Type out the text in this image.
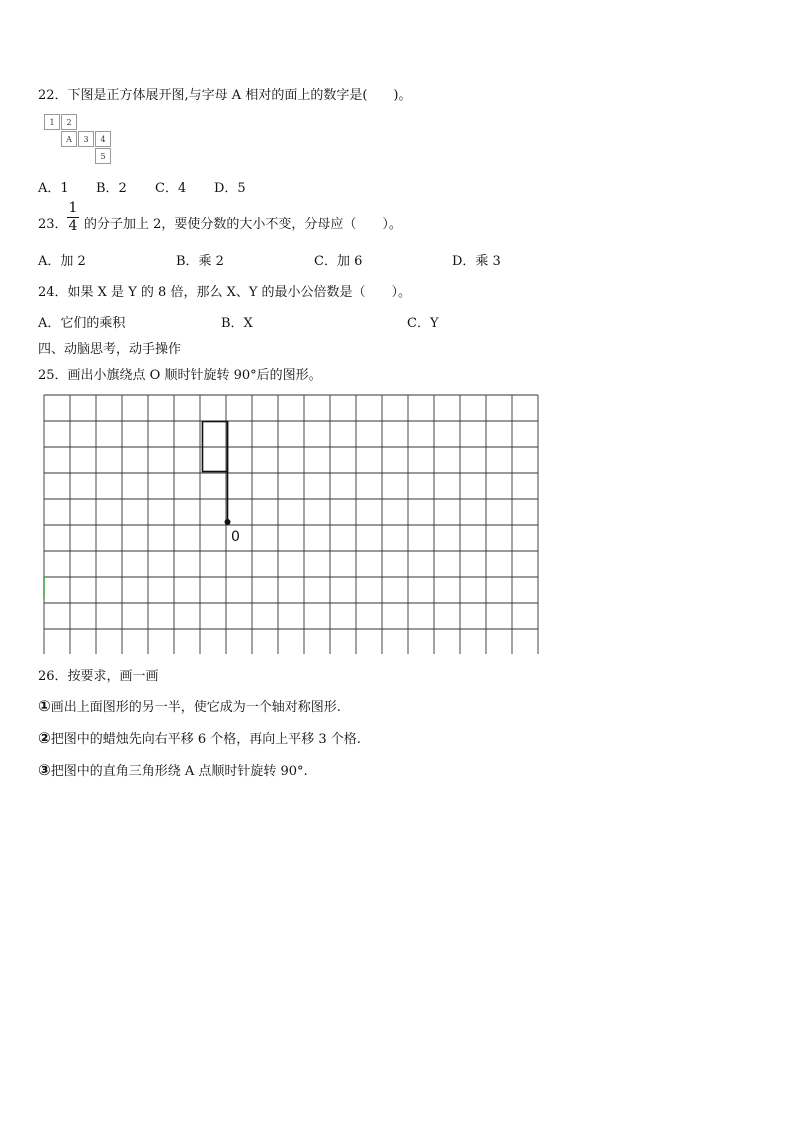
22．下图是正方体展开图,与字母 A 相对的面上的数字是(　　)。
1	2
A	3	4
5
A．1 B．2 C．4 D．5
23．
1
4 的分子加上 2，要使分数的大小不变，分母应（　　）。
A．加 2	B．乘 2	C．加 6	D．乘 3
24．如果 X 是 Y 的 8 倍，那么 X、Y 的最小公倍数是（　　）。
A．它们的乘积	B．X	C．Y
四、动脑思考，动手操作
25．画出小旗绕点 O 顺时针旋转 90°后的图形。
0
26．按要求，画一画
①画出上面图形的另一半，使它成为一个轴对称图形.
②把图中的蜡烛先向右平移 6 个格，再向上平移 3 个格.
③把图中的直角三角形绕 A 点顺时针旋转 90°.
